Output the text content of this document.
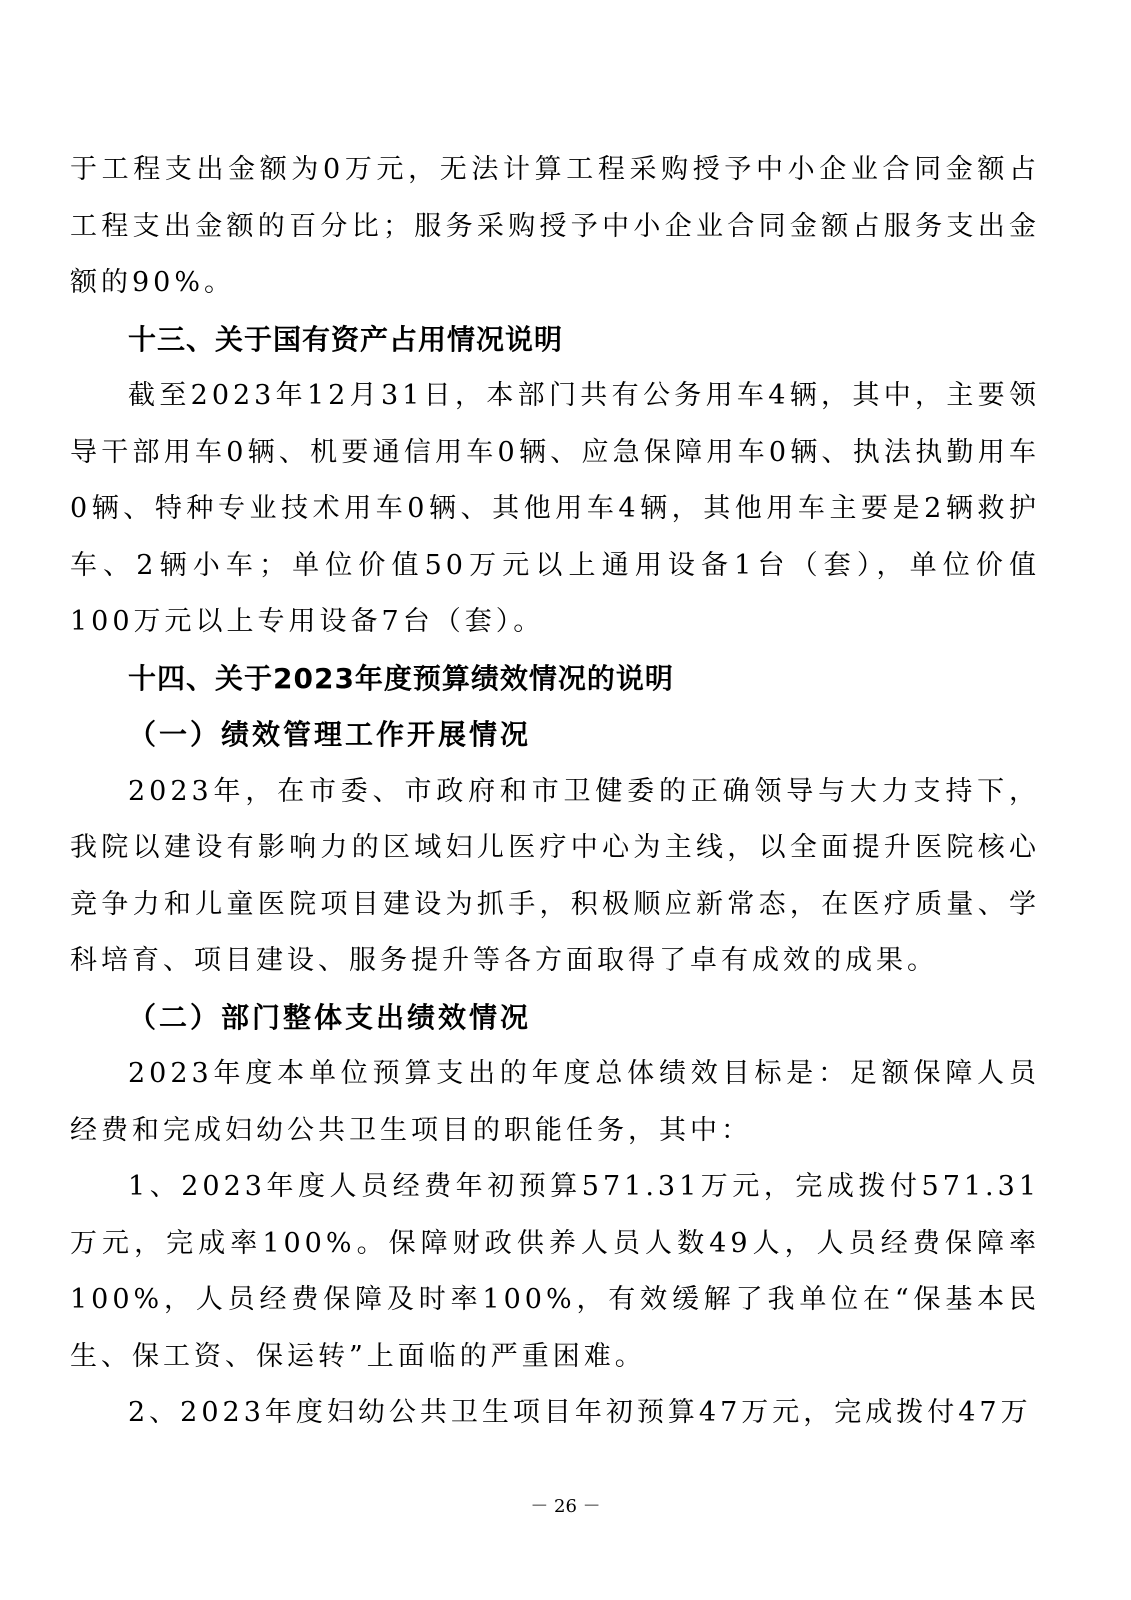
于工程支出金额为0万元，无法计算工程采购授予中小企业合同金额占工程支出金额的百分比；服务采购授予中小企业合同金额占服务支出金额的90%。

十三、关于国有资产占用情况说明

截至2023年12月31日，本部门共有公务用车4辆，其中，主要领导干部用车0辆、机要通信用车0辆、应急保障用车0辆、执法执勤用车0辆、特种专业技术用车0辆、其他用车4辆，其他用车主要是2辆救护车、2辆小车；单位价值50万元以上通用设备1台（套），单位价值100万元以上专用设备7台（套）。

十四、关于2023年度预算绩效情况的说明

（一）绩效管理工作开展情况

2023年，在市委、市政府和市卫健委的正确领导与大力支持下，我院以建设有影响力的区域妇儿医疗中心为主线，以全面提升医院核心竞争力和儿童医院项目建设为抓手，积极顺应新常态，在医疗质量、学科培育、项目建设、服务提升等各方面取得了卓有成效的成果。

（二）部门整体支出绩效情况

2023年度本单位预算支出的年度总体绩效目标是：足额保障人员经费和完成妇幼公共卫生项目的职能任务，其中：

1、2023年度人员经费年初预算571.31万元，完成拨付571.31万元，完成率100%。保障财政供养人员人数49人，人员经费保障率100%，人员经费保障及时率100%，有效缓解了我单位在“保基本民生、保工资、保运转”上面临的严重困难。

2、2023年度妇幼公共卫生项目年初预算47万元，完成拨付47万

－ 26 －
